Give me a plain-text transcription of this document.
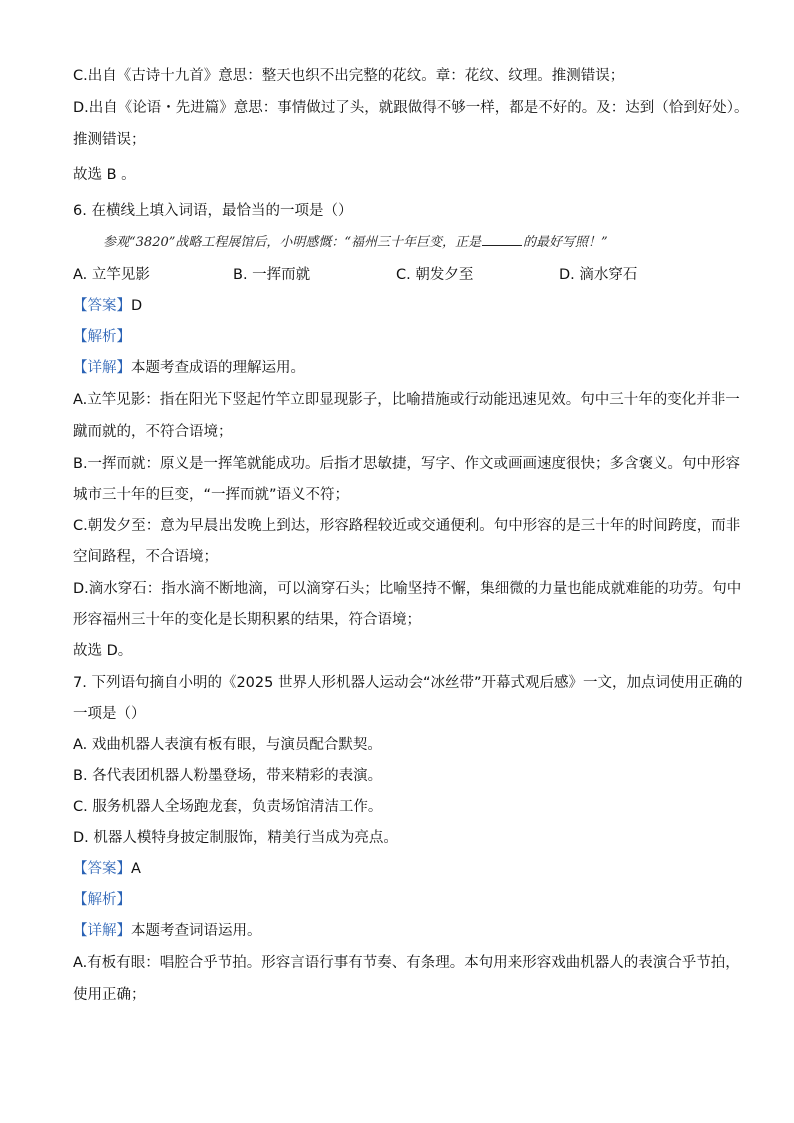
C.出自《古诗十九首》意思：整天也织不出完整的花纹。章：花纹、纹理。推测错误；
D.出自《论语・先进篇》意思：事情做过了头，就跟做得不够一样，都是不好的。及：达到（恰到好处）。
推测错误；
故选 B 。
6. 在横线上填入词语，最恰当的一项是（）
参观“3820”战略工程展馆后，小明感慨：“福州三十年巨变，正是	的最好写照！”
A. 立竿见影	B. 一挥而就	C. 朝发夕至	D. 滴水穿石
【答案】D
【解析】
【详解】本题考查成语的理解运用。
A.立竿见影：指在阳光下竖起竹竿立即显现影子，比喻措施或行动能迅速见效。句中三十年的变化并非一
蹴而就的，不符合语境；
B.一挥而就：原义是一挥笔就能成功。后指才思敏捷，写字、作文或画画速度很快；多含褒义。句中形容
城市三十年的巨变，“一挥而就”语义不符；
C.朝发夕至：意为早晨出发晚上到达，形容路程较近或交通便利。句中形容的是三十年的时间跨度，而非
空间路程，不合语境；
D.滴水穿石：指水滴不断地滴，可以滴穿石头；比喻坚持不懈，集细微的力量也能成就难能的功劳。句中
形容福州三十年的变化是长期积累的结果，符合语境；
故选 D。
7. 下列语句摘自小明的《2025 世界人形机器人运动会“冰丝带”开幕式观后感》一文，加点词使用正确的
一项是（）
A. 戏曲机器人表演有板有眼，与演员配合默契。
B. 各代表团机器人粉墨登场，带来精彩的表演。
C. 服务机器人全场跑龙套，负责场馆清洁工作。
D. 机器人模特身披定制服饰，精美行当成为亮点。
【答案】A
【解析】
【详解】本题考查词语运用。
A.有板有眼：唱腔合乎节拍。形容言语行事有节奏、有条理。本句用来形容戏曲机器人的表演合乎节拍，
使用正确；
